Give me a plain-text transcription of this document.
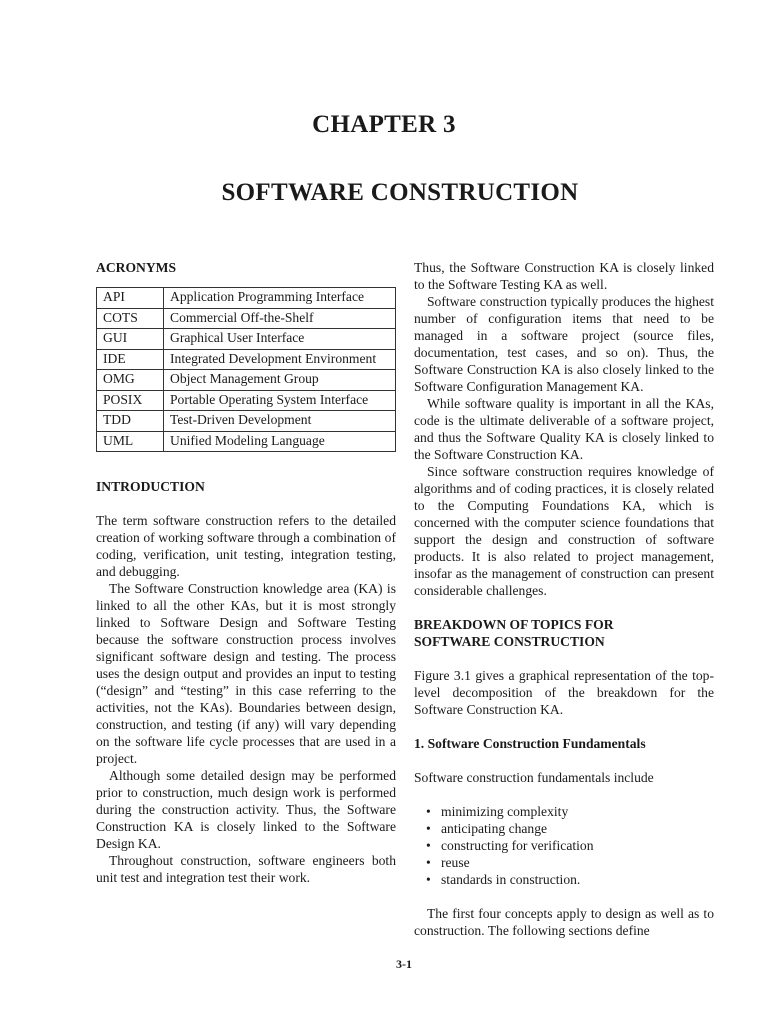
CHAPTER 3
SOFTWARE CONSTRUCTION
ACRONYMS
API	Application Programming Interface
COTS	Commercial Off-the-Shelf
GUI	Graphical User Interface
IDE	Integrated Development Environment
OMG	Object Management Group
POSIX	Portable Operating System Interface
TDD	Test-Driven Development
UML	Unified Modeling Language
INTRODUCTION

The term software construction refers to the detailed creation of working software through a combination of coding, verification, unit testing, integration testing, and debugging.

The Software Construction knowledge area (KA) is linked to all the other KAs, but it is most strongly linked to Software Design and Software Testing because the software construction process involves significant software design and testing. The process uses the design output and provides an input to testing (“design” and “testing” in this case referring to the activities, not the KAs). Boundaries between design, construction, and testing (if any) will vary depending on the software life cycle processes that are used in a project.

Although some detailed design may be performed prior to construction, much design work is performed during the construction activity. Thus, the Software Construction KA is closely linked to the Software Design KA.

Throughout construction, software engineers both unit test and integration test their work.

Thus, the Software Construction KA is closely linked to the Software Testing KA as well.

Software construction typically produces the highest number of configuration items that need to be managed in a software project (source files, documentation, test cases, and so on). Thus, the Software Construction KA is also closely linked to the Software Configuration Management KA.

While software quality is important in all the KAs, code is the ultimate deliverable of a software project, and thus the Software Quality KA is closely linked to the Software Construction KA.

Since software construction requires knowledge of algorithms and of coding practices, it is closely related to the Computing Foundations KA, which is concerned with the computer science foundations that support the design and construction of software products. It is also related to project management, insofar as the management of construction can present considerable challenges.

BREAKDOWN OF TOPICS FOR
SOFTWARE CONSTRUCTION

Figure 3.1 gives a graphical representation of the top-level decomposition of the breakdown for the Software Construction KA.

1. Software Construction Fundamentals

Software construction fundamentals include

• minimizing complexity
• anticipating change
• constructing for verification
• reuse
• standards in construction.

The first four concepts apply to design as well as to construction. The following sections define

3-1
